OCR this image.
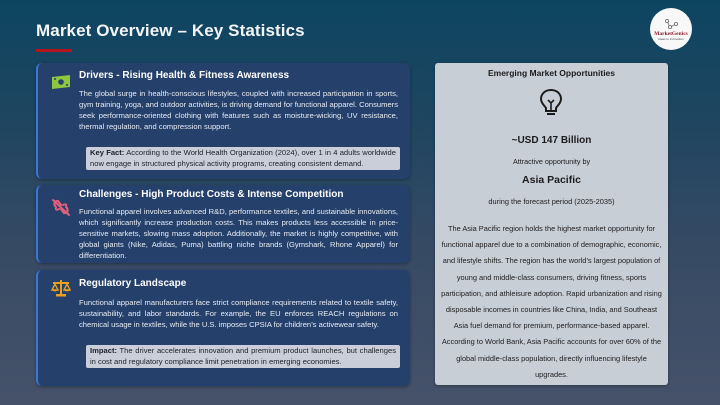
Market Overview – Key Statistics	MarketGenics
Ideas to Innovation
Drivers - Rising Health & Fitness Awareness

The global surge in health-conscious lifestyles, coupled with increased participation in sports, gym training, yoga, and outdoor activities, is driving demand for functional apparel. Consumers seek performance-oriented clothing with features such as moisture-wicking, UV resistance, thermal regulation, and compression support.

Key Fact: According to the World Health Organization (2024), over 1 in 4 adults worldwide now engage in structured physical activity programs, creating consistent demand.
Challenges - High Product Costs & Intense Competition

Functional apparel involves advanced R&D, performance textiles, and sustainable innovations, which significantly increase production costs. This makes products less accessible in price-sensitive markets, slowing mass adoption. Additionally, the market is highly competitive, with global giants (Nike, Adidas, Puma) battling niche brands (Gymshark, Rhone Apparel) for differentiation.

Regulatory Landscape

Functional apparel manufacturers face strict compliance requirements related to textile safety, sustainability, and labor standards. For example, the EU enforces REACH regulations on chemical usage in textiles, while the U.S. imposes CPSIA for children’s activewear safety.

Impact: The driver accelerates innovation and premium product launches, but challenges in cost and regulatory compliance limit penetration in emerging economies.
Emerging Market Opportunities
~USD 147 Billion
Attractive opportunity by
Asia Pacific
during the forecast period (2025-2035)
The Asia Pacific region holds the highest market opportunity for functional apparel due to a combination of demographic, economic, and lifestyle shifts. The region has the world’s largest population of young and middle-class consumers, driving fitness, sports participation, and athleisure adoption. Rapid urbanization and rising disposable incomes in countries like China, India, and Southeast Asia fuel demand for premium, performance-based apparel. According to World Bank, Asia Pacific accounts for over 60% of the global middle-class population, directly influencing lifestyle upgrades.
